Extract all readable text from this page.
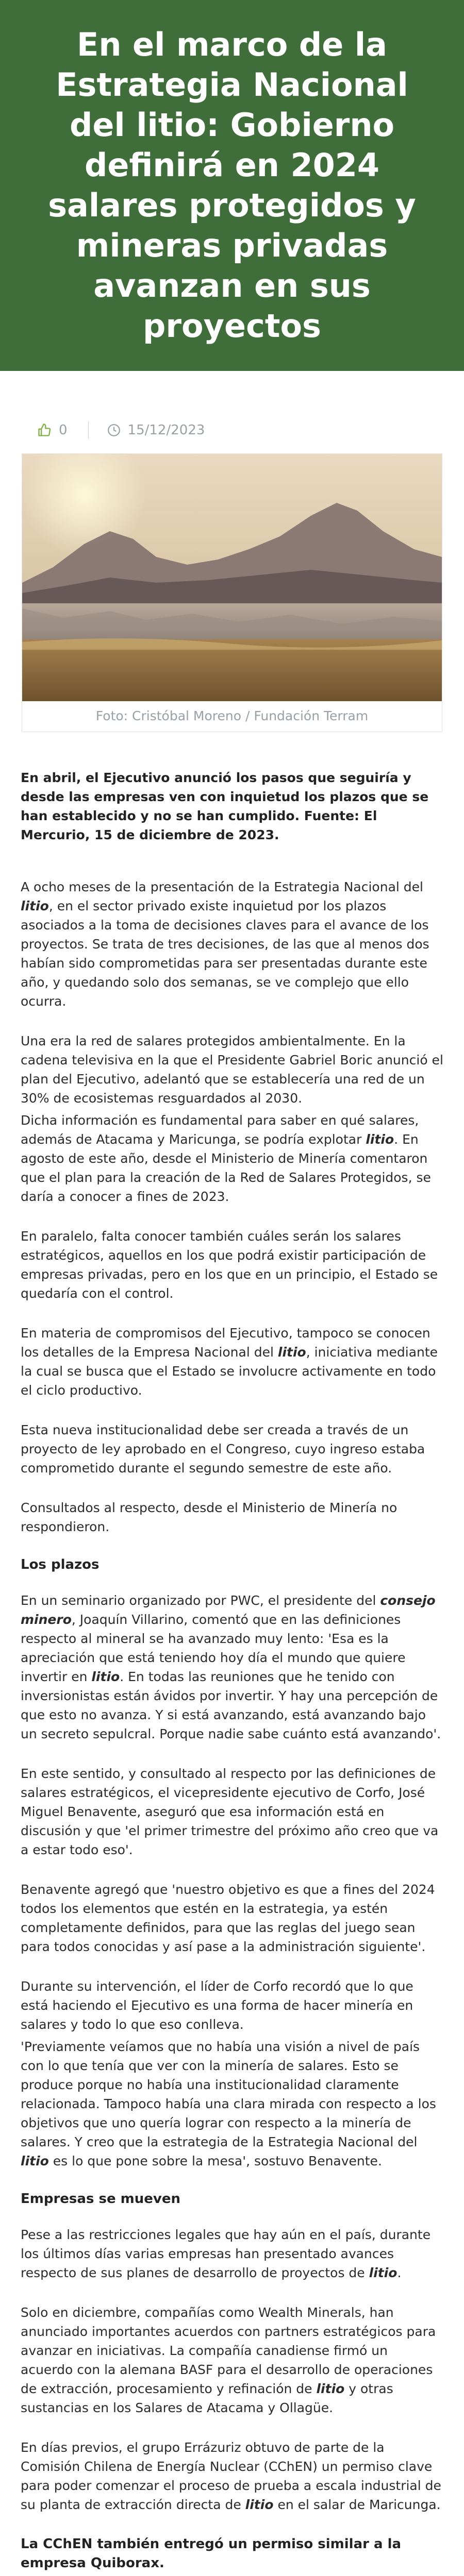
En el marco de la Estrategia Nacional del litio: Gobierno definirá en 2024 salares protegidos y mineras privadas avanzan en sus proyectos
0	15/12/2023
Foto: Cristóbal Moreno / Fundación Terram

En abril, el Ejecutivo anunció los pasos que seguiría y desde las empresas ven con inquietud los plazos que se han establecido y no se han cumplido. Fuente: El Mercurio, 15 de diciembre de 2023.

A ocho meses de la presentación de la Estrategia Nacional del litio, en el sector privado existe inquietud por los plazos asociados a la toma de decisiones claves para el avance de los proyectos. Se trata de tres decisiones, de las que al menos dos habían sido comprometidas para ser presentadas durante este año, y quedando solo dos semanas, se ve complejo que ello ocurra.

Una era la red de salares protegidos ambientalmente. En la cadena televisiva en la que el Presidente Gabriel Boric anunció el plan del Ejecutivo, adelantó que se establecería una red de un 30% de ecosistemas resguardados al 2030.

Dicha información es fundamental para saber en qué salares, además de Atacama y Maricunga, se podría explotar litio. En agosto de este año, desde el Ministerio de Minería comentaron que el plan para la creación de la Red de Salares Protegidos, se daría a conocer a fines de 2023.

En paralelo, falta conocer también cuáles serán los salares estratégicos, aquellos en los que podrá existir participación de empresas privadas, pero en los que en un principio, el Estado se quedaría con el control.

En materia de compromisos del Ejecutivo, tampoco se conocen los detalles de la Empresa Nacional del litio, iniciativa mediante la cual se busca que el Estado se involucre activamente en todo el ciclo productivo.

Esta nueva institucionalidad debe ser creada a través de un proyecto de ley aprobado en el Congreso, cuyo ingreso estaba comprometido durante el segundo semestre de este año.

Consultados al respecto, desde el Ministerio de Minería no respondieron.

Los plazos

En un seminario organizado por PWC, el presidente del consejo minero, Joaquín Villarino, comentó que en las definiciones respecto al mineral se ha avanzado muy lento: 'Esa es la apreciación que está teniendo hoy día el mundo que quiere invertir en litio. En todas las reuniones que he tenido con inversionistas están ávidos por invertir. Y hay una percepción de que esto no avanza. Y si está avanzando, está avanzando bajo un secreto sepulcral. Porque nadie sabe cuánto está avanzando'.

En este sentido, y consultado al respecto por las definiciones de salares estratégicos, el vicepresidente ejecutivo de Corfo, José Miguel Benavente, aseguró que esa información está en discusión y que 'el primer trimestre del próximo año creo que va a estar todo eso'.

Benavente agregó que 'nuestro objetivo es que a fines del 2024 todos los elementos que estén en la estrategia, ya estén completamente definidos, para que las reglas del juego sean para todos conocidas y así pase a la administración siguiente'.

Durante su intervención, el líder de Corfo recordó que lo que está haciendo el Ejecutivo es una forma de hacer minería en salares y todo lo que eso conlleva.

'Previamente veíamos que no había una visión a nivel de país con lo que tenía que ver con la minería de salares. Esto se produce porque no había una institucionalidad claramente relacionada. Tampoco había una clara mirada con respecto a los objetivos que uno quería lograr con respecto a la minería de salares. Y creo que la estrategia de la Estrategia Nacional del litio es lo que pone sobre la mesa', sostuvo Benavente.

Empresas se mueven

Pese a las restricciones legales que hay aún en el país, durante los últimos días varias empresas han presentado avances respecto de sus planes de desarrollo de proyectos de litio.

Solo en diciembre, compañías como Wealth Minerals, han anunciado importantes acuerdos con partners estratégicos para avanzar en iniciativas. La compañía canadiense firmó un acuerdo con la alemana BASF para el desarrollo de operaciones de extracción, procesamiento y refinación de litio y otras sustancias en los Salares de Atacama y Ollagüe.

En días previos, el grupo Errázuriz obtuvo de parte de la Comisión Chilena de Energía Nuclear (CChEN) un permiso clave para poder comenzar el proceso de prueba a escala industrial de su planta de extracción directa de litio en el salar de Maricunga.

La CChEN también entregó un permiso similar a la empresa Quiborax.
